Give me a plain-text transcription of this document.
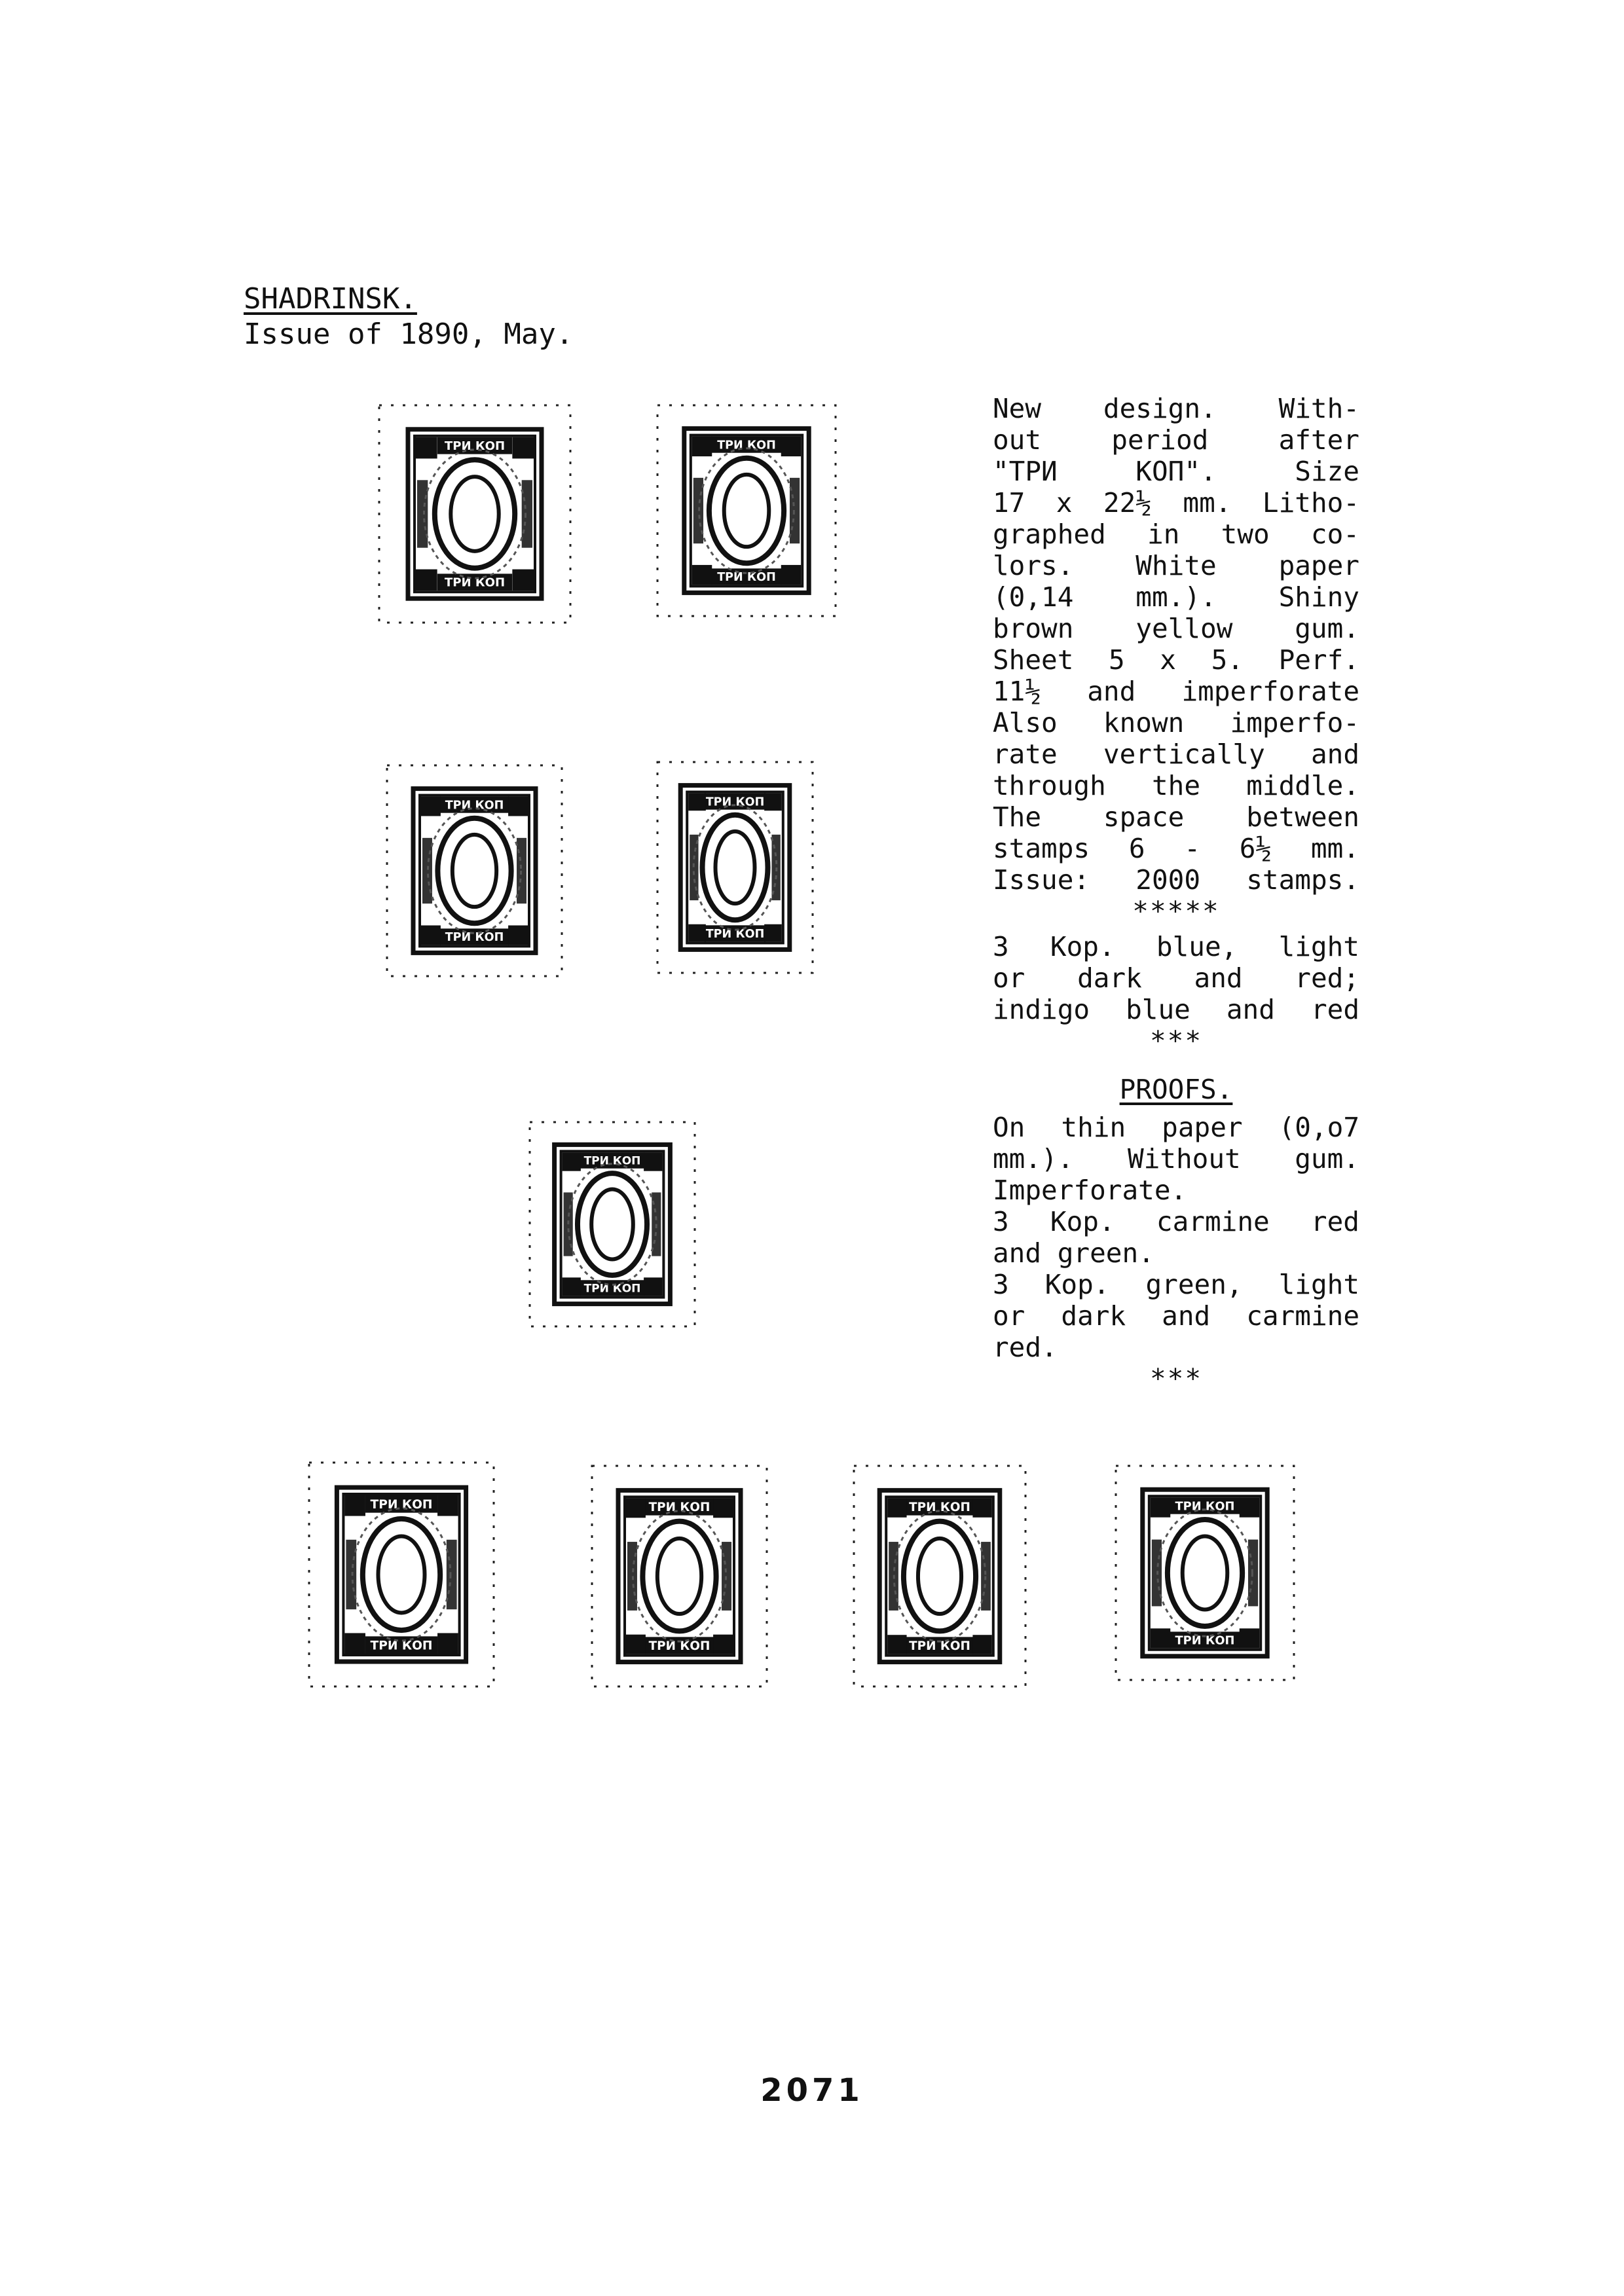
SHADRINSK.
Issue of 1890, May.
ТРИ КОП
ТРИ КОП
ТРИ КОП
ТРИ КОП
ТРИ КОП
ТРИ КОП
ТРИ КОП
ТРИ КОП
ТРИ КОП
ТРИ КОП
ТРИ КОП
ТРИ КОП
ТРИ КОП
ТРИ КОП
ТРИ КОП
ТРИ КОП
ТРИ КОП
ТРИ КОП

New design. With-

out period after

"ТРИ КОП". Size

17 x 22½ mm. Litho-

graphed in two co-

lors. White paper

(0,14 mm.). Shiny

brown yellow gum.

Sheet 5 x 5. Perf.

11½ and imperforate

Also known imperfo-

rate vertically and

through the middle.

The space between

stamps 6 - 6½ mm.

Issue: 2000 stamps.

*****

3 Kop. blue, light

or dark and red;

indigo blue and red

***

PROOFS.

On thin paper (0,o7

mm.). Without gum.

Imperforate.

3 Kop. carmine red

and green.

3 Kop. green, light

or dark and carmine

red.

***

2071
